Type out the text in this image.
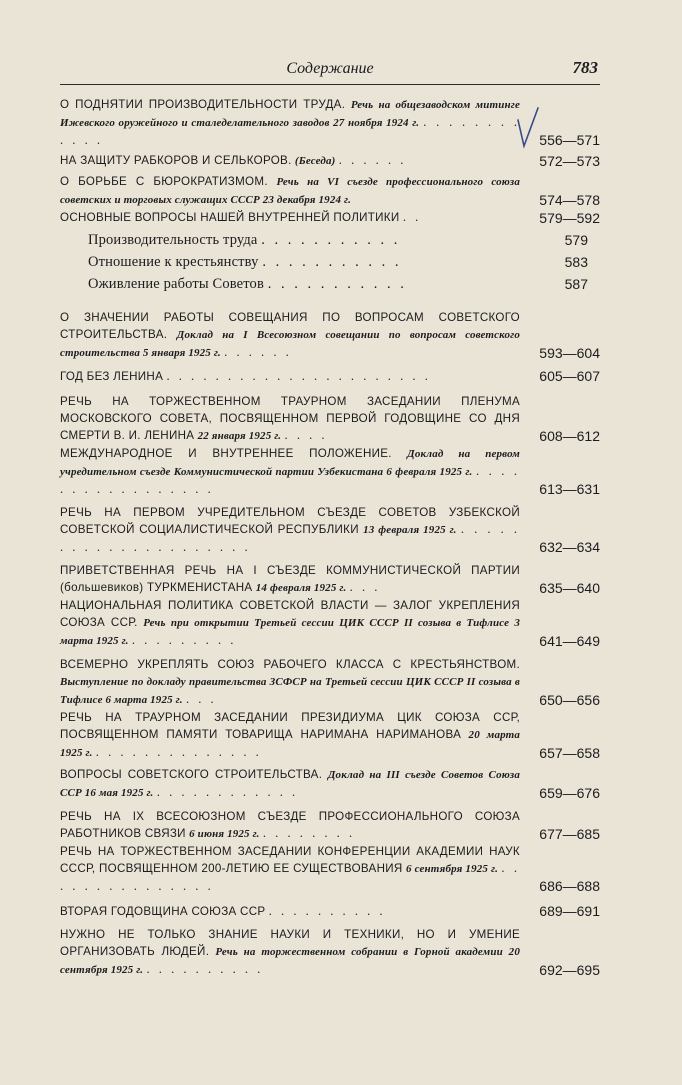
Содержание	783
О ПОДНЯТИИ ПРОИЗВОДИТЕЛЬНОСТИ ТРУДА. Речь на общезаводском митинге Ижевского оружейного и сталеделательного заводов 27 ноября 1924 г. . . . . . . . . . . . .	556—571
НА ЗАЩИТУ РАБКОРОВ И СЕЛЬКОРОВ. (Беседа) . . . . . .	572—573
О БОРЬБЕ С БЮРОКРАТИЗМОМ. Речь на VI съезде профессионального союза советских и торговых служащих СССР 23 декабря 1924 г.	574—578
ОСНОВНЫЕ ВОПРОСЫ НАШЕЙ ВНУТРЕННЕЙ ПОЛИТИКИ . .	579—592
Производительность труда . . . . . . . . . . .	579
Отношение к крестьянству . . . . . . . . . . .	583
Оживление работы Советов . . . . . . . . . . .	587
О ЗНАЧЕНИИ РАБОТЫ СОВЕЩАНИЯ ПО ВОПРОСАМ СОВЕТСКОГО СТРОИТЕЛЬСТВА. Доклад на I Всесоюзном совещании по вопросам советского строительства 5 января 1925 г. . . . . . .	593—604
ГОД БЕЗ ЛЕНИНА . . . . . . . . . . . . . . . . . . . . . .	605—607
РЕЧЬ НА ТОРЖЕСТВЕННОМ ТРАУРНОМ ЗАСЕДАНИИ ПЛЕНУМА МОСКОВСКОГО СОВЕТА, ПОСВЯЩЕННОМ ПЕРВОЙ ГОДОВЩИНЕ СО ДНЯ СМЕРТИ В. И. ЛЕНИНА 22 января 1925 г. . . . .	608—612
МЕЖДУНАРОДНОЕ И ВНУТРЕННЕЕ ПОЛОЖЕНИЕ. Доклад на первом учредительном съезде Коммунистической партии Узбекистана 6 февраля 1925 г. . . . . . . . . . . . . . . . . .	613—631
РЕЧЬ НА ПЕРВОМ УЧРЕДИТЕЛЬНОМ СЪЕЗДЕ СОВЕТОВ УЗБЕКСКОЙ СОВЕТСКОЙ СОЦИАЛИСТИЧЕСКОЙ РЕСПУБЛИКИ 13 февраля 1925 г. . . . . . . . . . . . . . . . . . . . . .	632—634
ПРИВЕТСТВЕННАЯ РЕЧЬ НА I СЪЕЗДЕ КОММУНИСТИЧЕСКОЙ ПАРТИИ (большевиков) ТУРКМЕНИСТАНА 14 февраля 1925 г. . . .	635—640
НАЦИОНАЛЬНАЯ ПОЛИТИКА СОВЕТСКОЙ ВЛАСТИ — ЗАЛОГ УКРЕПЛЕНИЯ СОЮЗА ССР. Речь при открытии Третьей сессии ЦИК СССР II созыва в Тифлисе 3 марта 1925 г. . . . . . . . . .	641—649
ВСЕМЕРНО УКРЕПЛЯТЬ СОЮЗ РАБОЧЕГО КЛАССА С КРЕСТЬЯНСТВОМ. Выступление по докладу правительства ЗСФСР на Третьей сессии ЦИК СССР II созыва в Тифлисе 6 марта 1925 г. . . .	650—656
РЕЧЬ НА ТРАУРНОМ ЗАСЕДАНИИ ПРЕЗИДИУМА ЦИК СОЮЗА ССР, ПОСВЯЩЕННОМ ПАМЯТИ ТОВАРИЩА НАРИМАНА НАРИМАНОВА 20 марта 1925 г. . . . . . . . . . . . . . .	657—658
ВОПРОСЫ СОВЕТСКОГО СТРОИТЕЛЬСТВА. Доклад на III съезде Советов Союза ССР 16 мая 1925 г. . . . . . . . . . . . .	659—676
РЕЧЬ НА IX ВСЕСОЮЗНОМ СЪЕЗДЕ ПРОФЕССИОНАЛЬНОГО СОЮЗА РАБОТНИКОВ СВЯЗИ 6 июня 1925 г. . . . . . . . .	677—685
РЕЧЬ НА ТОРЖЕСТВЕННОМ ЗАСЕДАНИИ КОНФЕРЕНЦИИ АКАДЕМИИ НАУК СССР, ПОСВЯЩЕННОМ 200-ЛЕТИЮ ЕЕ СУЩЕСТВОВАНИЯ 6 сентября 1925 г. . . . . . . . . . . . . . . .	686—688
ВТОРАЯ ГОДОВЩИНА СОЮЗА ССР . . . . . . . . . .	689—691
НУЖНО НЕ ТОЛЬКО ЗНАНИЕ НАУКИ И ТЕХНИКИ, НО И УМЕНИЕ ОРГАНИЗОВАТЬ ЛЮДЕЙ. Речь на торжественном собрании в Горной академии 20 сентября 1925 г. . . . . . . . . . .	692—695
